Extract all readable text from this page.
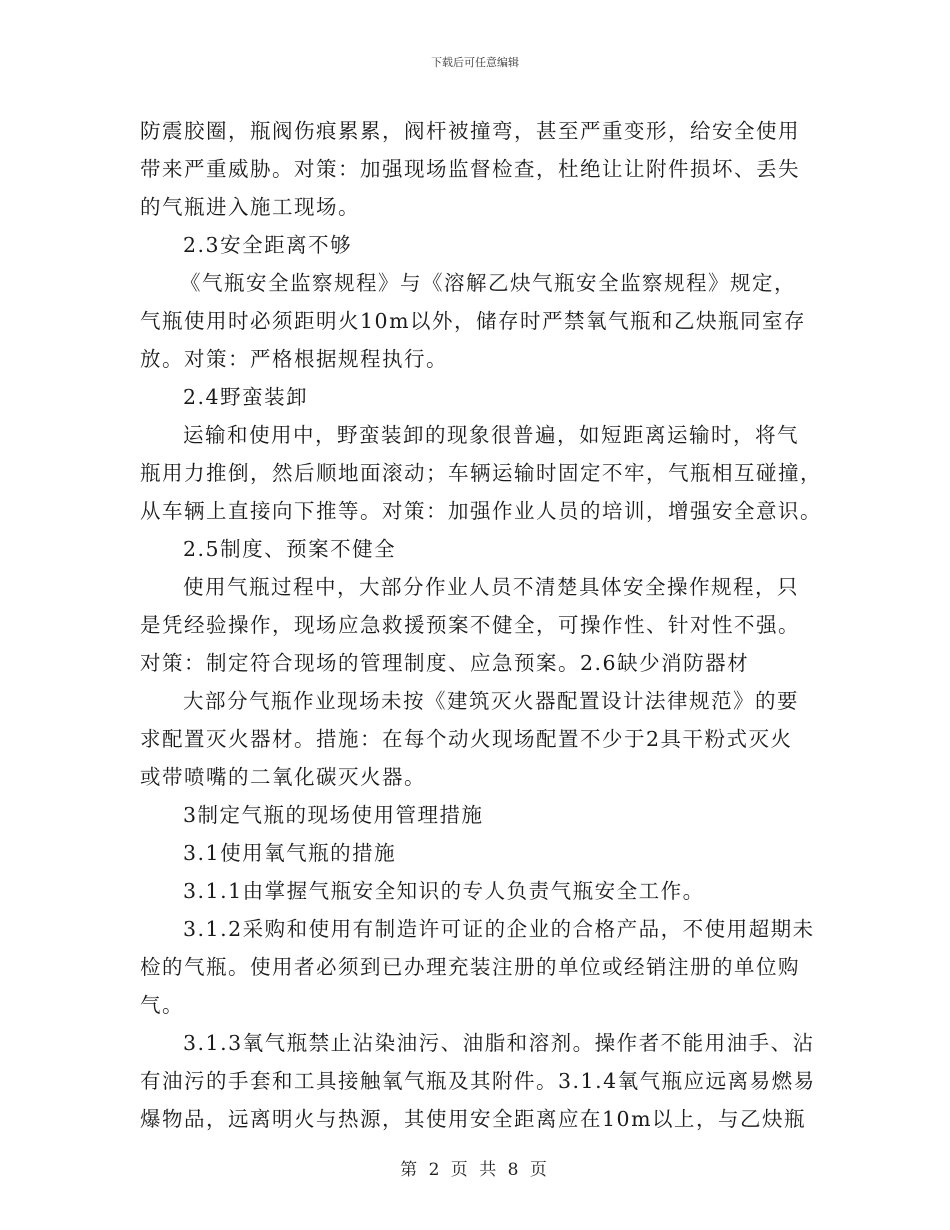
下载后可任意编辑
防震胶圈，瓶阀伤痕累累，阀杆被撞弯，甚至严重变形，给安全使用
带来严重威胁。对策：加强现场监督检查，杜绝让让附件损坏、丢失
的气瓶进入施工现场。
2.3安全距离不够
《气瓶安全监察规程》与《溶解乙炔气瓶安全监察规程》规定，
气瓶使用时必须距明火10m以外，储存时严禁氧气瓶和乙炔瓶同室存
放。对策：严格根据规程执行。
2.4野蛮装卸
运输和使用中，野蛮装卸的现象很普遍，如短距离运输时，将气
瓶用力推倒，然后顺地面滚动；车辆运输时固定不牢，气瓶相互碰撞，
从车辆上直接向下推等。对策：加强作业人员的培训，增强安全意识。
2.5制度、预案不健全
使用气瓶过程中，大部分作业人员不清楚具体安全操作规程，只
是凭经验操作，现场应急救援预案不健全，可操作性、针对性不强。
对策：制定符合现场的管理制度、应急预案。2.6缺少消防器材
大部分气瓶作业现场未按《建筑灭火器配置设计法律规范》的要
求配置灭火器材。措施：在每个动火现场配置不少于2具干粉式灭火
或带喷嘴的二氧化碳灭火器。
3制定气瓶的现场使用管理措施
3.1使用氧气瓶的措施
3.1.1由掌握气瓶安全知识的专人负责气瓶安全工作。
3.1.2采购和使用有制造许可证的企业的合格产品，不使用超期未
检的气瓶。使用者必须到已办理充装注册的单位或经销注册的单位购
气。
3.1.3氧气瓶禁止沾染油污、油脂和溶剂。操作者不能用油手、沾
有油污的手套和工具接触氧气瓶及其附件。3.1.4氧气瓶应远离易燃易
爆物品，远离明火与热源，其使用安全距离应在10m以上，与乙炔瓶
第 2 页 共 8 页
